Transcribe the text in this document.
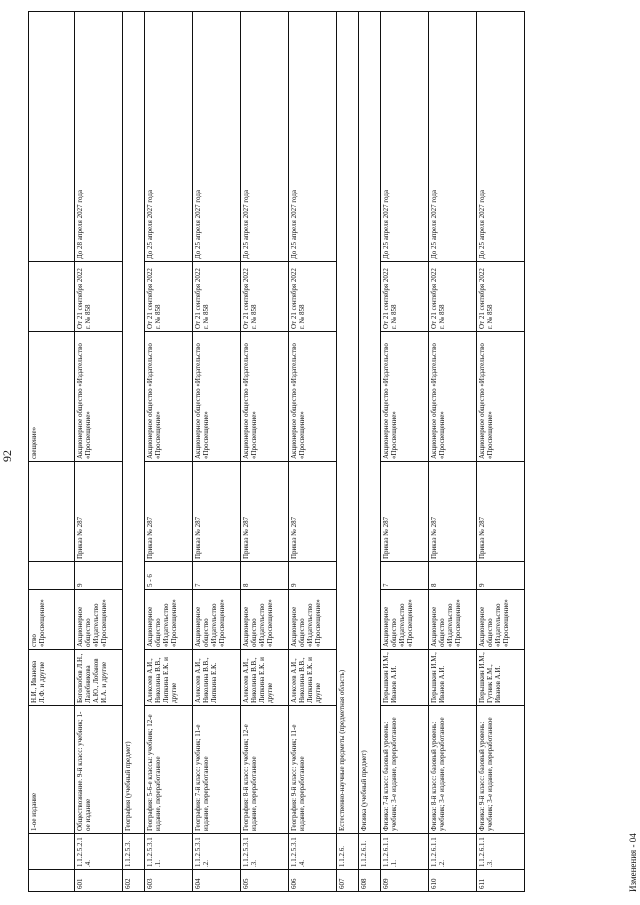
92
		1-ое издание	Н.И., Иванова Л.Ф. и другие	ство «Просвещение»			свещение»		
601	1.1.2.5.2.1.4.	Обществознание. 9-й класс: учебник; 1-ое издание	Боголюбов Л.Н., Лазебникова А.Ю., Лобанов И.А. и другие	Акционерное общество «Издательство «Просвещение»	9	Приказ № 287	Акционерное общество «Издательство «Просвещение»	От 21 сентября 2022 г. № 858	До 28 апреля 2027 года
602	1.1.2.5.3.	География (учебный предмет)							
603	1.1.2.5.3.1.1.	География: 5-6-е классы: учебник; 12-е издание, переработанное	Алексеев А.И., Николина В.В., Липкина Е.К. и другие	Акционерное общество «Издательство «Просвещение»	5 - 6	Приказ № 287	Акционерное общество «Издательство «Просвещение»	От 21 сентября 2022 г. № 858	До 25 апреля 2027 года
604	1.1.2.5.3.1.2.	География: 7-й класс: учебник; 11-е издание, переработанное	Алексеев А.И., Николина В.В., Липкина Е.К.	Акционерное общество «Издательство «Просвещение»	7	Приказ № 287	Акционерное общество «Издательство «Просвещение»	От 21 сентября 2022 г. № 858	До 25 апреля 2027 года
605	1.1.2.5.3.1.3.	География: 8-й класс: учебник; 12-е издание, переработанное	Алексеев А.И., Николина В.В., Липкина Е.К. и другие	Акционерное общество «Издательство «Просвещение»	8	Приказ № 287	Акционерное общество «Издательство «Просвещение»	От 21 сентября 2022 г. № 858	До 25 апреля 2027 года
606	1.1.2.5.3.1.4.	География: 9-й класс: учебник; 11-е издание, переработанное	Алексеев А.И., Николина В.В., Липкина Е.К. и другие	Акционерное общество «Издательство «Просвещение»	9	Приказ № 287	Акционерное общество «Издательство «Просвещение»	От 21 сентября 2022 г. № 858	До 25 апреля 2027 года
607	1.1.2.6.	Естественно-научные предметы (предметная область)							
608	1.1.2.6.1.	Физика (учебный предмет)							
609	1.1.2.6.1.1.1.	Физика: 7-й класс: базовый уровень: учебник; 3-е издание, переработанное	Перышкин И.М., Иванов А.И.	Акционерное общество «Издательство «Просвещение»	7	Приказ № 287	Акционерное общество «Издательство «Просвещение»	От 21 сентября 2022 г. № 858	До 25 апреля 2027 года
610	1.1.2.6.1.1.2.	Физика: 8-й класс: базовый уровень: учебник; 3-е издание, переработанное	Перышкин И.М., Иванов А.И.	Акционерное общество «Издательство «Просвещение»	8	Приказ № 287	Акционерное общество «Издательство «Просвещение»	От 21 сентября 2022 г. № 858	До 25 апреля 2027 года
611	1.1.2.6.1.1.3.	Физика: 9-й класс: базовый уровень: учебник; 3-е издание, переработанное	Перышкин И.М., Гутник Е.М., Иванов А.И.	Акционерное общество «Издательство «Просвещение»	9	Приказ № 287	Акционерное общество «Издательство «Просвещение»	От 21 сентября 2022 г. № 858	До 25 апреля 2027 года
Изменения - 04
